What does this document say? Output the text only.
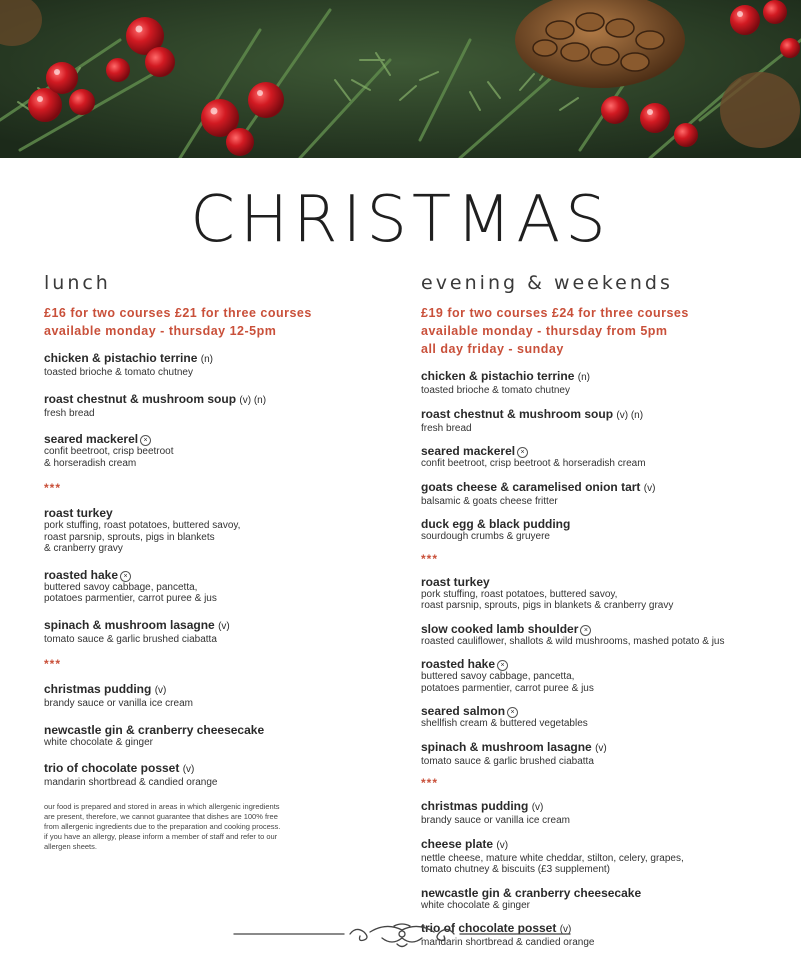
CHRISTMAS
lunch

£16 for two courses £21 for three courses

available monday - thursday 12-5pm

chicken & pistachio terrine (n)
toasted brioche & tomato chutney
roast chestnut & mushroom soup (v) (n)
fresh bread
seared mackerel ×
confit beetroot, crisp beetroot
& horseradish cream
***
roast turkey
pork stuffing, roast potatoes, buttered savoy,
roast parsnip, sprouts, pigs in blankets
& cranberry gravy
roasted hake ×
buttered savoy cabbage, pancetta,
potatoes parmentier, carrot puree & jus
spinach & mushroom lasagne (v)
tomato sauce & garlic brushed ciabatta
***
christmas pudding (v)
brandy sauce or vanilla ice cream
newcastle gin & cranberry cheesecake
white chocolate & ginger
trio of chocolate posset (v)
mandarin shortbread & candied orange
our food is prepared and stored in areas in which allergenic ingredients
are present, therefore, we cannot guarantee that dishes are 100% free
from allergenic ingredients due to the preparation and cooking process.
if you have an allergy, please inform a member of staff and refer to our
allergen sheets.
evening & weekends

£19 for two courses £24 for three courses

available monday - thursday from 5pm

all day friday - sunday

chicken & pistachio terrine (n)
toasted brioche & tomato chutney
roast chestnut & mushroom soup (v) (n)
fresh bread
seared mackerel ×
confit beetroot, crisp beetroot & horseradish cream
goats cheese & caramelised onion tart (v)
balsamic & goats cheese fritter
duck egg & black pudding
sourdough crumbs & gruyere
***
roast turkey
pork stuffing, roast potatoes, buttered savoy,
roast parsnip, sprouts, pigs in blankets & cranberry gravy
slow cooked lamb shoulder ×
roasted cauliflower, shallots & wild mushrooms, mashed potato & jus
roasted hake ×
buttered savoy cabbage, pancetta,
potatoes parmentier, carrot puree & jus
seared salmon ×
shellfish cream & buttered vegetables
spinach & mushroom lasagne (v)
tomato sauce & garlic brushed ciabatta
***
christmas pudding (v)
brandy sauce or vanilla ice cream
cheese plate (v)
nettle cheese, mature white cheddar, stilton, celery, grapes,
tomato chutney & biscuits (£3 supplement)
newcastle gin & cranberry cheesecake
white chocolate & ginger
trio of chocolate posset (v)
mandarin shortbread & candied orange
